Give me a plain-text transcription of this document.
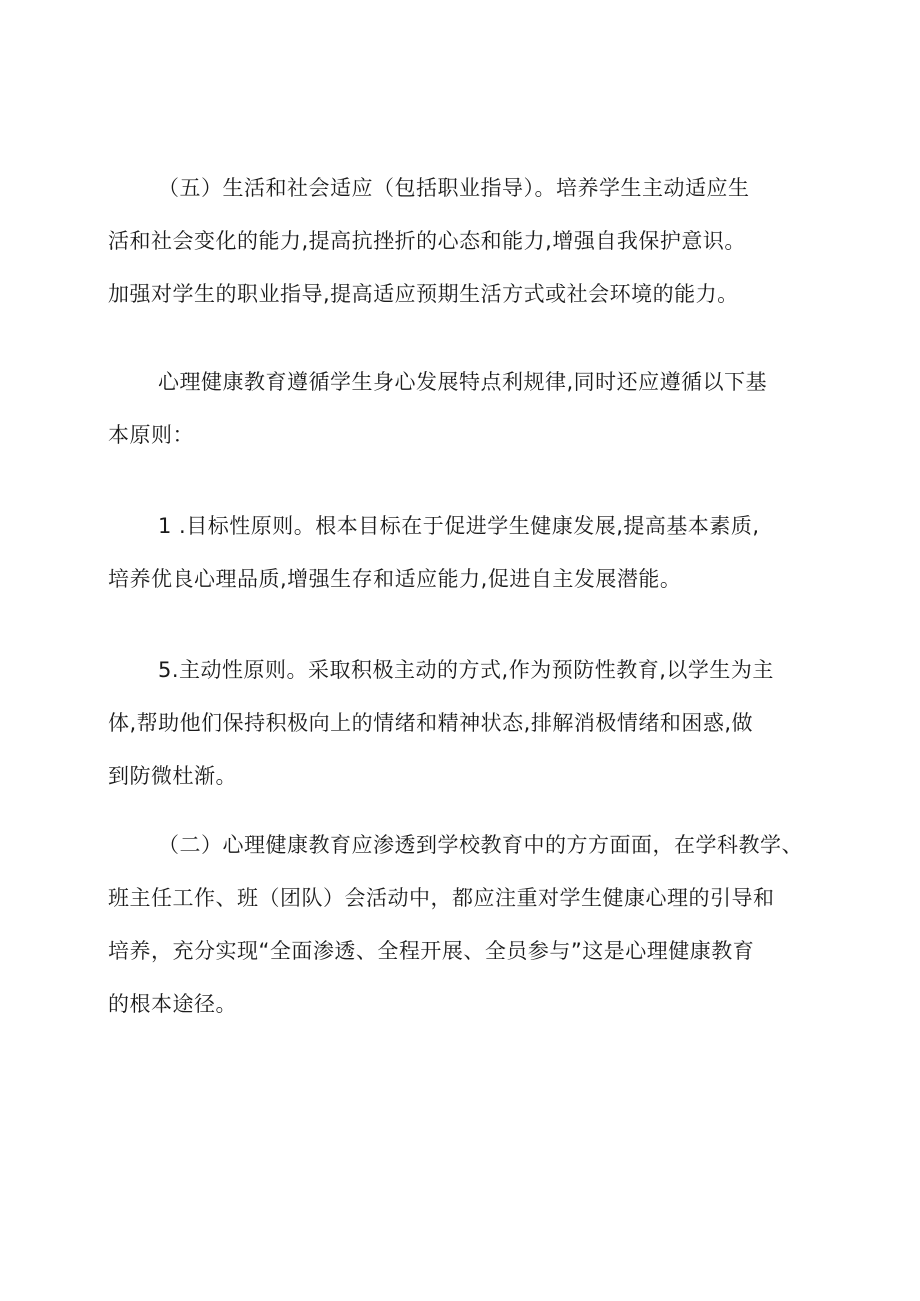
（五）生活和社会适应（包括职业指导）。培养学生主动适应生
活和社会变化的能力,提高抗挫折的心态和能力,增强自我保护意识。
加强对学生的职业指导,提高适应预期生活方式或社会环境的能力。

心理健康教育遵循学生身心发展特点利规律,同时还应遵循以下基
本原则：

1 .目标性原则。根本目标在于促进学生健康发展,提高基本素质,
培养优良心理品质,增强生存和适应能力,促进自主发展潜能。

5.主动性原则。采取积极主动的方式,作为预防性教育,以学生为主
体,帮助他们保持积极向上的情绪和精神状态,排解消极情绪和困惑,做
到防微杜渐。

（二）心理健康教育应渗透到学校教育中的方方面面，在学科教学、
班主任工作、班（团队）会活动中，都应注重对学生健康心理的引导和
培养，充分实现“全面渗透、全程开展、全员参与”这是心理健康教育
的根本途径。
